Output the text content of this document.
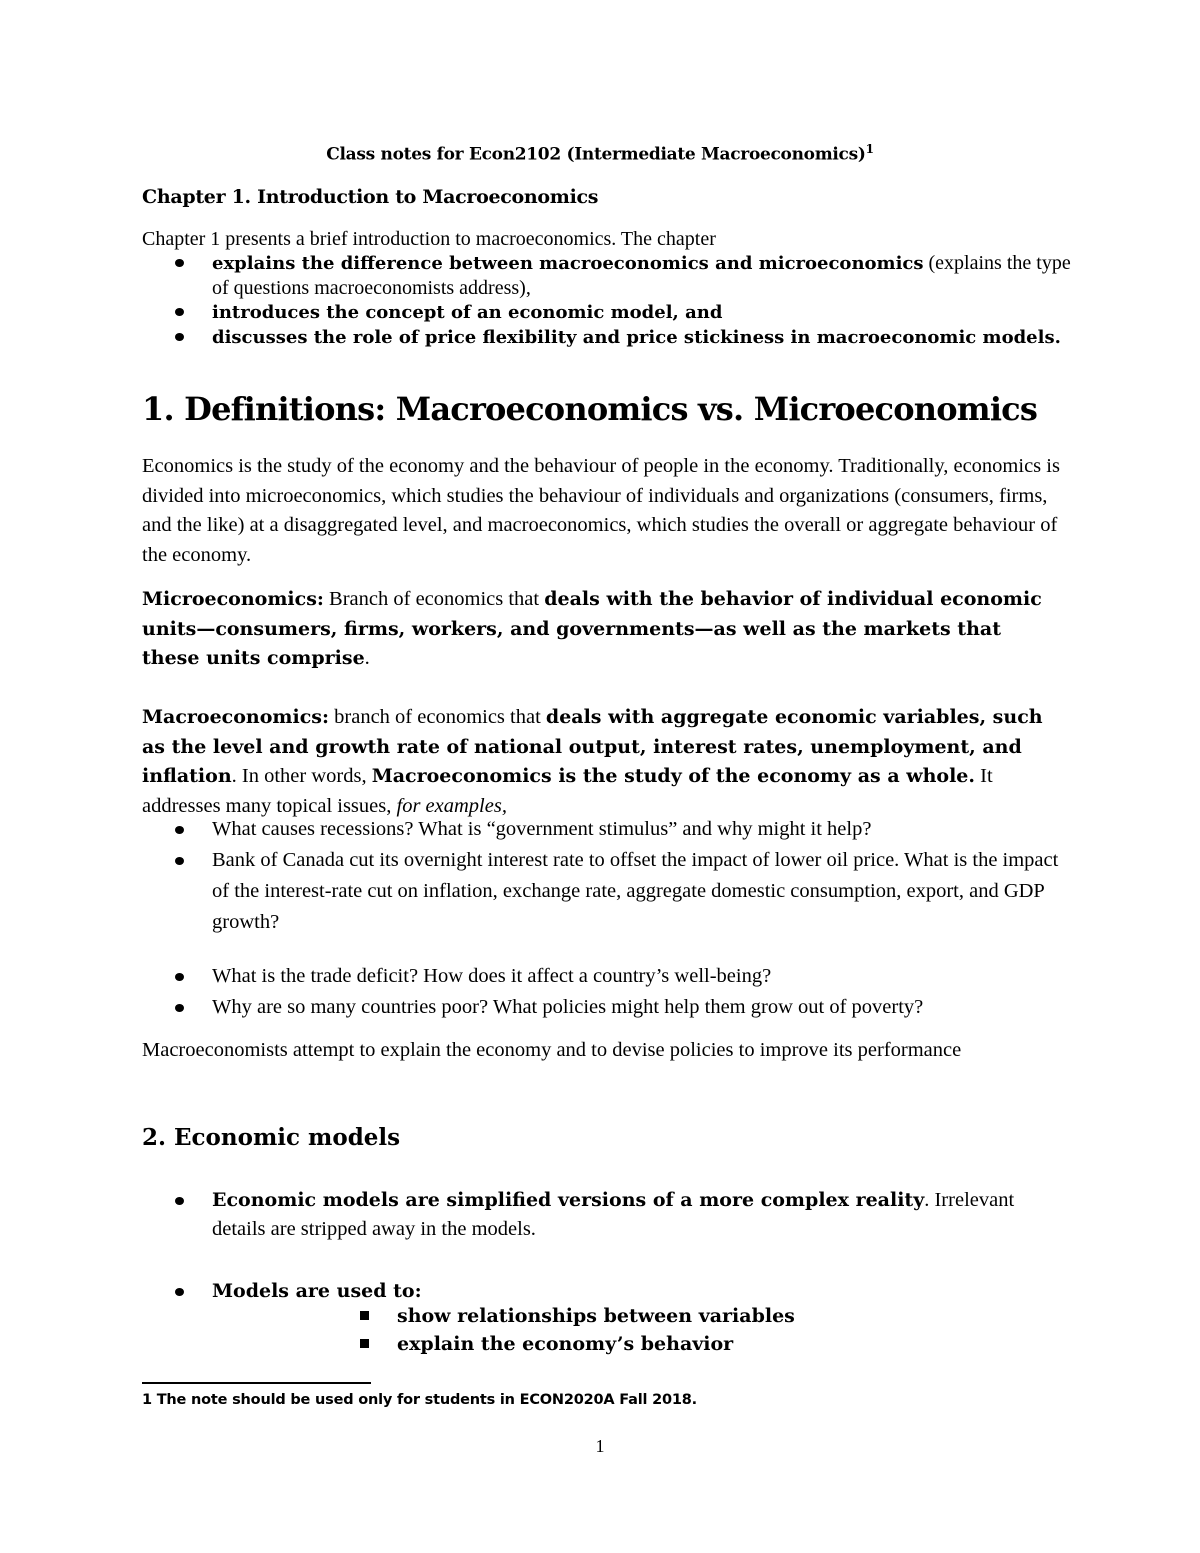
Class notes for Econ2102 (Intermediate Macroeconomics)$^1$
Chapter 1. Introduction to Macroeconomics
Chapter 1 presents a brief introduction to macroeconomics. The chapter
explains the difference between macroeconomics and microeconomics (explains the type of questions macroeconomists address),
introduces the concept of an economic model, and
discusses the role of price flexibility and price stickiness in macroeconomic models.
1. Definitions: Macroeconomics vs. Microeconomics
Economics is the study of the economy and the behaviour of people in the economy. Traditionally, economics is divided into microeconomics, which studies the behaviour of individuals and organizations (consumers, firms, and the like) at a disaggregated level, and macroeconomics, which studies the overall or aggregate behaviour of the economy.
Microeconomics: Branch of economics that deals with the behavior of individual economic units—consumers, firms, workers, and governments—as well as the markets that these units comprise.
Macroeconomics: branch of economics that deals with aggregate economic variables, such as the level and growth rate of national output, interest rates, unemployment, and inflation. In other words, Macroeconomics is the study of the economy as a whole. It addresses many topical issues, for examples,
What causes recessions? What is “government stimulus” and why might it help?
Bank of Canada cut its overnight interest rate to offset the impact of lower oil price. What is the impact of the interest-rate cut on inflation, exchange rate, aggregate domestic consumption, export, and GDP growth?
What is the trade deficit? How does it affect a country’s well-being?
Why are so many countries poor? What policies might help them grow out of poverty?
Macroeconomists attempt to explain the economy and to devise policies to improve its performance
2. Economic models
Economic models are simplified versions of a more complex reality. Irrelevant details are stripped away in the models.
Models are used to:
show relationships between variables
explain the economy’s behavior
1 The note should be used only for students in ECON2020A Fall 2018.
1
